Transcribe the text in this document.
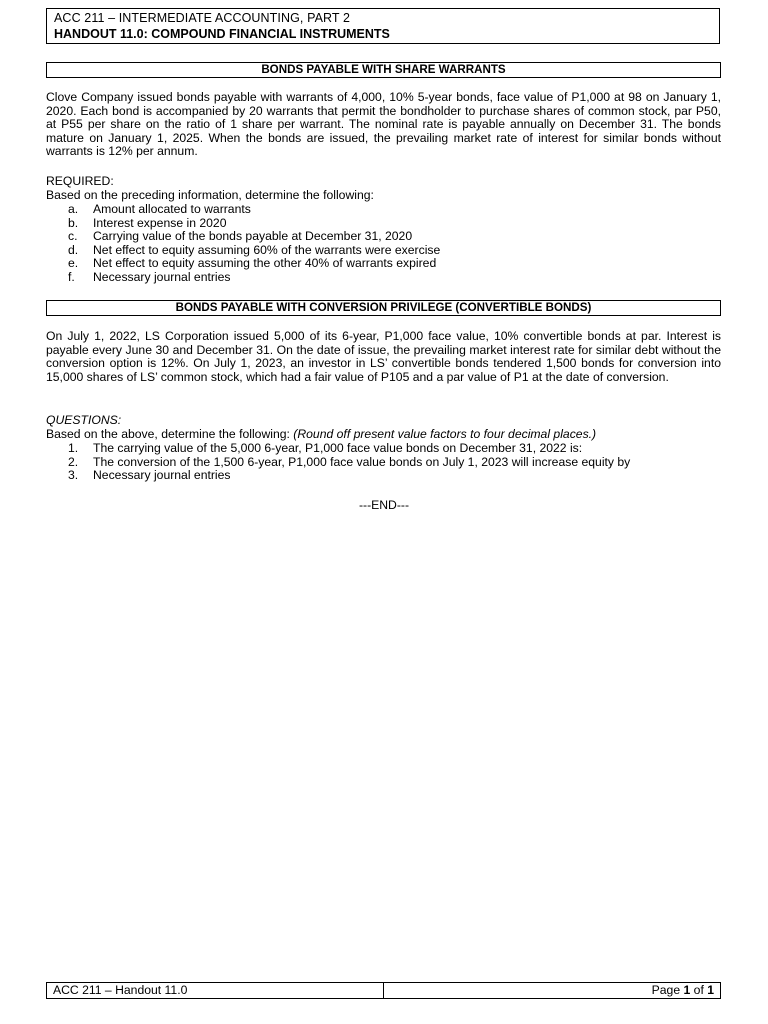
ACC 211 – INTERMEDIATE ACCOUNTING, PART 2
HANDOUT 11.0: COMPOUND FINANCIAL INSTRUMENTS
BONDS PAYABLE WITH SHARE WARRANTS
Clove Company issued bonds payable with warrants of 4,000, 10% 5-year bonds, face value of P1,000 at 98 on January 1, 2020. Each bond is accompanied by 20 warrants that permit the bondholder to purchase shares of common stock, par P50, at P55 per share on the ratio of 1 share per warrant. The nominal rate is payable annually on December 31. The bonds mature on January 1, 2025. When the bonds are issued, the prevailing market rate of interest for similar bonds without warrants is 12% per annum.
REQUIRED:
Based on the preceding information, determine the following:
a.	Amount allocated to warrants
b.	Interest expense in 2020
c.	Carrying value of the bonds payable at December 31, 2020
d.	Net effect to equity assuming 60% of the warrants were exercise
e.	Net effect to equity assuming the other 40% of warrants expired
f.	Necessary journal entries
BONDS PAYABLE WITH CONVERSION PRIVILEGE (CONVERTIBLE BONDS)
On July 1, 2022, LS Corporation issued 5,000 of its 6-year, P1,000 face value, 10% convertible bonds at par. Interest is payable every June 30 and December 31. On the date of issue, the prevailing market interest rate for similar debt without the conversion option is 12%. On July 1, 2023, an investor in LS’ convertible bonds tendered 1,500 bonds for conversion into 15,000 shares of LS’ common stock, which had a fair value of P105 and a par value of P1 at the date of conversion.
QUESTIONS:
Based on the above, determine the following: (Round off present value factors to four decimal places.)
1.	The carrying value of the 5,000 6-year, P1,000 face value bonds on December 31, 2022 is:
2.	The conversion of the 1,500 6-year, P1,000 face value bonds on July 1, 2023 will increase equity by
3.	Necessary journal entries
---END---
ACC 211 – Handout 11.0	Page 1 of 1
